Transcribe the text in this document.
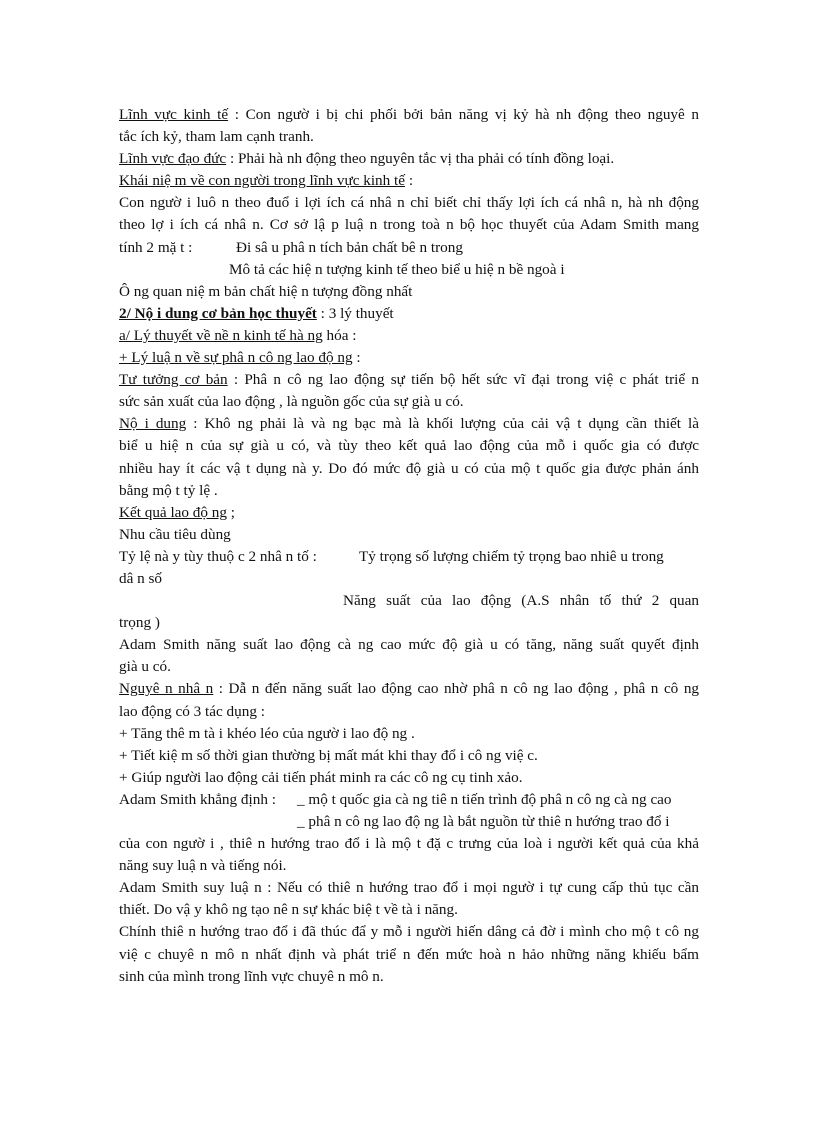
Lĩnh vực kinh tế : Con ngườ i bị chi phối bởi bản năng vị kỷ hà nh động theo nguyê n
tắc ích kỷ, tham lam cạnh tranh.
Lĩnh vực đạo đức : Phải hà nh động theo nguyên tắc vị tha phải có tính đồng loại.
Khái niệ m về con người trong lĩnh vực kinh tế :
Con ngườ i luô n theo đuổ i lợi ích cá nhâ n chỉ biết chỉ thấy lợi ích cá nhâ n, hà nh động
theo lợ i ích cá nhâ n. Cơ sở lậ p luậ n trong toà n bộ học thuyết của Adam Smith mang
tính 2 mặ t :	Đi sâ u phâ n tích bản chất bê n trong
Mô tả các hiệ n tượng kinh tế theo biể u hiệ n bề ngoà i
Ô ng quan niệ m bản chất hiệ n tượng đồng nhất
2/ Nộ i dung cơ bản học thuyết : 3 lý thuyết
a/ Lý thuyết về nề n kinh tế hà ng hóa :
+ Lý luậ n về sự phâ n cô ng lao độ ng :
Tư tưởng cơ bản : Phâ n cô ng lao động sự tiến bộ hết sức vĩ đại trong việ c phát triể n
sức sản xuất của lao động , là nguồn gốc của sự già u có.
Nộ i dung : Khô ng phải là và ng bạc mà là khối lượng của cải vậ t dụng cần thiết là
biể u hiệ n của sự già u có, và tùy theo kết quả lao động của mỗ i quốc gia có được
nhiều hay ít các vậ t dụng nà y. Do đó mức độ già u có của mộ t quốc gia được phản ánh
bằng mộ t tỷ lệ .
Kết quả lao độ ng ;
Nhu cầu tiêu dùng
Tỷ lệ nà y tùy thuộ c 2 nhâ n tố :	Tỷ trọng số lượng chiếm tỷ trọng bao nhiê u trong
dâ n số
Năng suất của lao động (A.S nhân tố thứ 2 quan
trọng )
Adam Smith năng suất lao động cà ng cao mức độ già u có tăng, năng suất quyết định
già u có.
Nguyê n nhâ n : Dẫ n đến năng suất lao động cao nhờ phâ n cô ng lao động , phâ n cô ng
lao động có 3 tác dụng :
+ Tăng thê m tà i khéo léo của ngườ i lao độ ng .
+ Tiết kiệ m số thời gian thường bị mất mát khi thay đổ i cô ng việ c.
+ Giúp người lao động cải tiến phát minh ra các cô ng cụ tinh xảo.
Adam Smith khẳng định : _ mộ t quốc gia cà ng tiê n tiến trình độ phâ n cô ng cà ng cao
_ phâ n cô ng lao độ ng là bắt nguồn từ thiê n hướng trao đổ i
của con ngườ i , thiê n hướng trao đổ i là mộ t đặ c trưng của loà i người kết quả của khả
năng suy luậ n và tiếng nói.
Adam Smith suy luậ n : Nếu có thiê n hướng trao đổ i mọi ngườ i tự cung cấp thủ tục cần
thiết. Do vậ y khô ng tạo nê n sự khác biệ t về tà i năng.
Chính thiê n hướng trao đổ i đã thúc đẩ y mỗ i người hiến dâng cả đờ i mình cho mộ t cô ng
việ c chuyê n mô n nhất định và phát triể n đến mức hoà n hảo những năng khiếu bẩm
sinh của mình trong lĩnh vực chuyê n mô n.
